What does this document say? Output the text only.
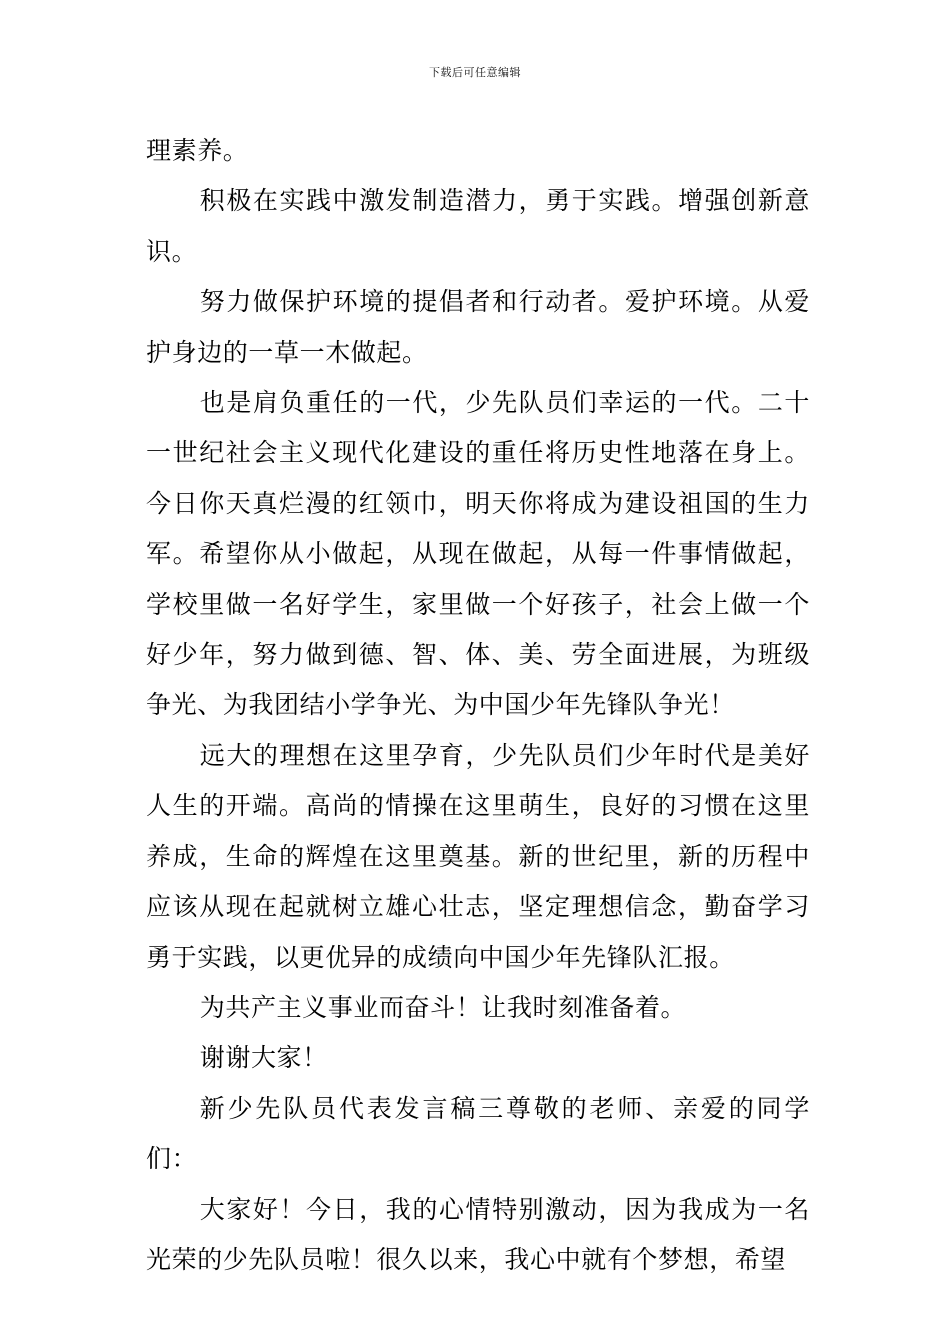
下载后可任意编辑

理素养。

积极在实践中激发制造潜力，勇于实践。增强创新意识。

努力做保护环境的提倡者和行动者。爱护环境。从爱护身边的一草一木做起。

也是肩负重任的一代，少先队员们幸运的一代。二十一世纪社会主义现代化建设的重任将历史性地落在身上。今日你天真烂漫的红领巾，明天你将成为建设祖国的生力军。希望你从小做起，从现在做起，从每一件事情做起，学校里做一名好学生，家里做一个好孩子，社会上做一个好少年，努力做到德、智、体、美、劳全面进展，为班级争光、为我团结小学争光、为中国少年先锋队争光！

远大的理想在这里孕育，少先队员们少年时代是美好人生的开端。高尚的情操在这里萌生，良好的习惯在这里养成，生命的辉煌在这里奠基。新的世纪里，新的历程中应该从现在起就树立雄心壮志，坚定理想信念，勤奋学习勇于实践，以更优异的成绩向中国少年先锋队汇报。

为共产主义事业而奋斗！让我时刻准备着。

谢谢大家！

新少先队员代表发言稿三尊敬的老师、亲爱的同学们：

大家好！今日，我的心情特别激动，因为我成为一名光荣的少先队员啦！很久以来，我心中就有个梦想，希望
